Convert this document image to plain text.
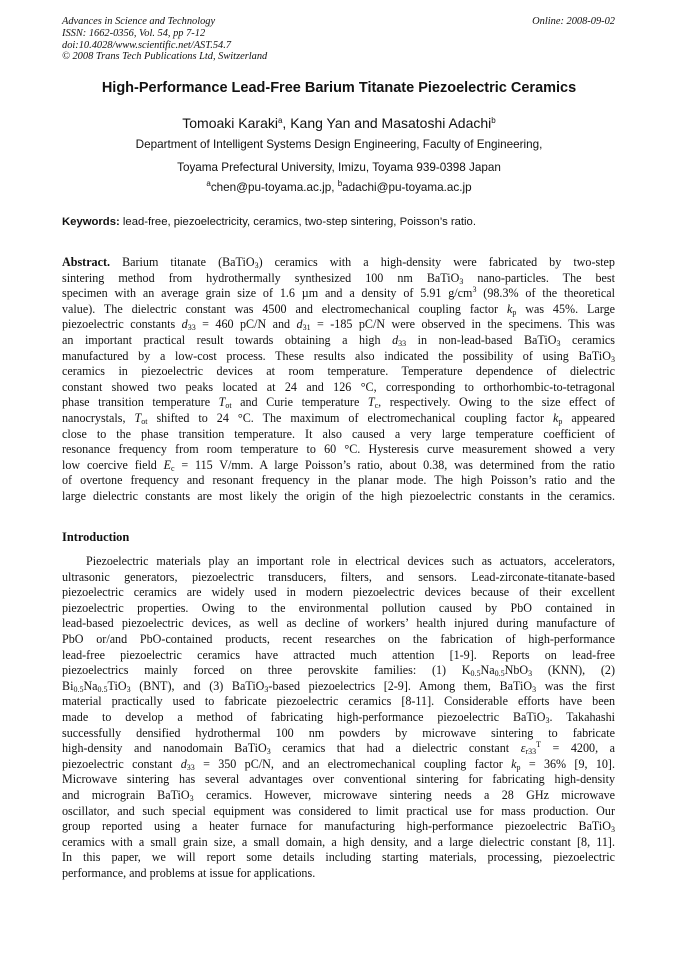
Advances in Science and Technology
ISSN: 1662-0356, Vol. 54, pp 7-12
doi:10.4028/www.scientific.net/AST.54.7
© 2008 Trans Tech Publications Ltd, Switzerland
Online: 2008-09-02
High-Performance Lead-Free Barium Titanate Piezoelectric Ceramics
Tomoaki Karaki$^a$, Kang Yan and Masatoshi Adachi$^b$
Department of Intelligent Systems Design Engineering, Faculty of Engineering,
Toyama Prefectural University, Imizu, Toyama 939-0398 Japan
$^a$chen@pu-toyama.ac.jp, $^b$adachi@pu-toyama.ac.jp
Keywords: lead-free, piezoelectricity, ceramics, two-step sintering, Poisson’s ratio.
Abstract. Barium titanate (BaTiO$_3$) ceramics with a high-density were fabricated by two-step
sintering method from hydrothermally synthesized 100 nm BaTiO$_3$ nano-particles. The best
specimen with an average grain size of 1.6 µm and a density of 5.91 $g/cm^3$ (98.3% of the theoretical
value). The dielectric constant was 4500 and electromechanical coupling factor $k_p$ was 45%. Large
piezoelectric constants $d_{33} = 460$ pC/N and $d_{31} = -185$ pC/N were observed in the specimens. This was
an important practical result towards obtaining a high $d_{33}$ in non-lead-based BaTiO$_3$ ceramics
manufactured by a low-cost process. These results also indicated the possibility of using BaTiO$_3$
ceramics in piezoelectric devices at room temperature. Temperature dependence of dielectric
constant showed two peaks located at 24 and 126 °C, corresponding to orthorhombic-to-tetragonal
phase transition temperature $T_{ot}$ and Curie temperature $T_c$, respectively. Owing to the size effect of
nanocrystals, $T_{ot}$ shifted to 24 °C. The maximum of electromechanical coupling factor $k_p$ appeared
close to the phase transition temperature. It also caused a very large temperature coefficient of
resonance frequency from room temperature to 60 °C. Hysteresis curve measurement showed a very
low coercive field $E_c = 115$ V/mm. A large Poisson’s ratio, about 0.38, was determined from the ratio
of overtone frequency and resonant frequency in the planar mode. The high Poisson’s ratio and the
large dielectric constants are most likely the origin of the high piezoelectric constants in the ceramics.
Introduction
Piezoelectric materials play an important role in electrical devices such as actuators, accelerators,
ultrasonic generators, piezoelectric transducers, filters, and sensors. Lead-zirconate-titanate-based
piezoelectric ceramics are widely used in modern piezoelectric devices because of their excellent
piezoelectric properties. Owing to the environmental pollution caused by PbO contained in
lead-based piezoelectric devices, as well as decline of workers’ health injured during manufacture of
PbO or/and PbO-contained products, recent researches on the fabrication of high-performance
lead-free piezoelectric ceramics have attracted much attention [1-9]. Reports on lead-free
piezoelectrics mainly forced on three perovskite families: (1) $K_{0.5}Na_{0.5}NbO_3$ (KNN), (2)
$Bi_{0.5}Na_{0.5}TiO_3$ (BNT), and (3) BaTiO$_3$-based piezoelectrics [2-9]. Among them, BaTiO$_3$ was the first
material practically used to fabricate piezoelectric ceramics [8-11]. Considerable efforts have been
made to develop a method of fabricating high-performance piezoelectric BaTiO$_3$. Takahashi
successfully densified hydrothermal 100 nm powders by microwave sintering to fabricate
high-density and nanodomain BaTiO$_3$ ceramics that had a dielectric constant $\varepsilon_{r33}^T = 4200$, a
piezoelectric constant $d_{33} = 350$ pC/N, and an electromechanical coupling factor $k_p = 36\%$ [9, 10].
Microwave sintering has several advantages over conventional sintering for fabricating high-density
and micrograin BaTiO$_3$ ceramics. However, microwave sintering needs a 28 GHz microwave
oscillator, and such special equipment was considered to limit practical use for mass production. Our
group reported using a heater furnace for manufacturing high-performance piezoelectric BaTiO$_3$
ceramics with a small grain size, a small domain, a high density, and a large dielectric constant [8, 11].
In this paper, we will report some details including starting materials, processing, piezoelectric
performance, and problems at issue for applications.
